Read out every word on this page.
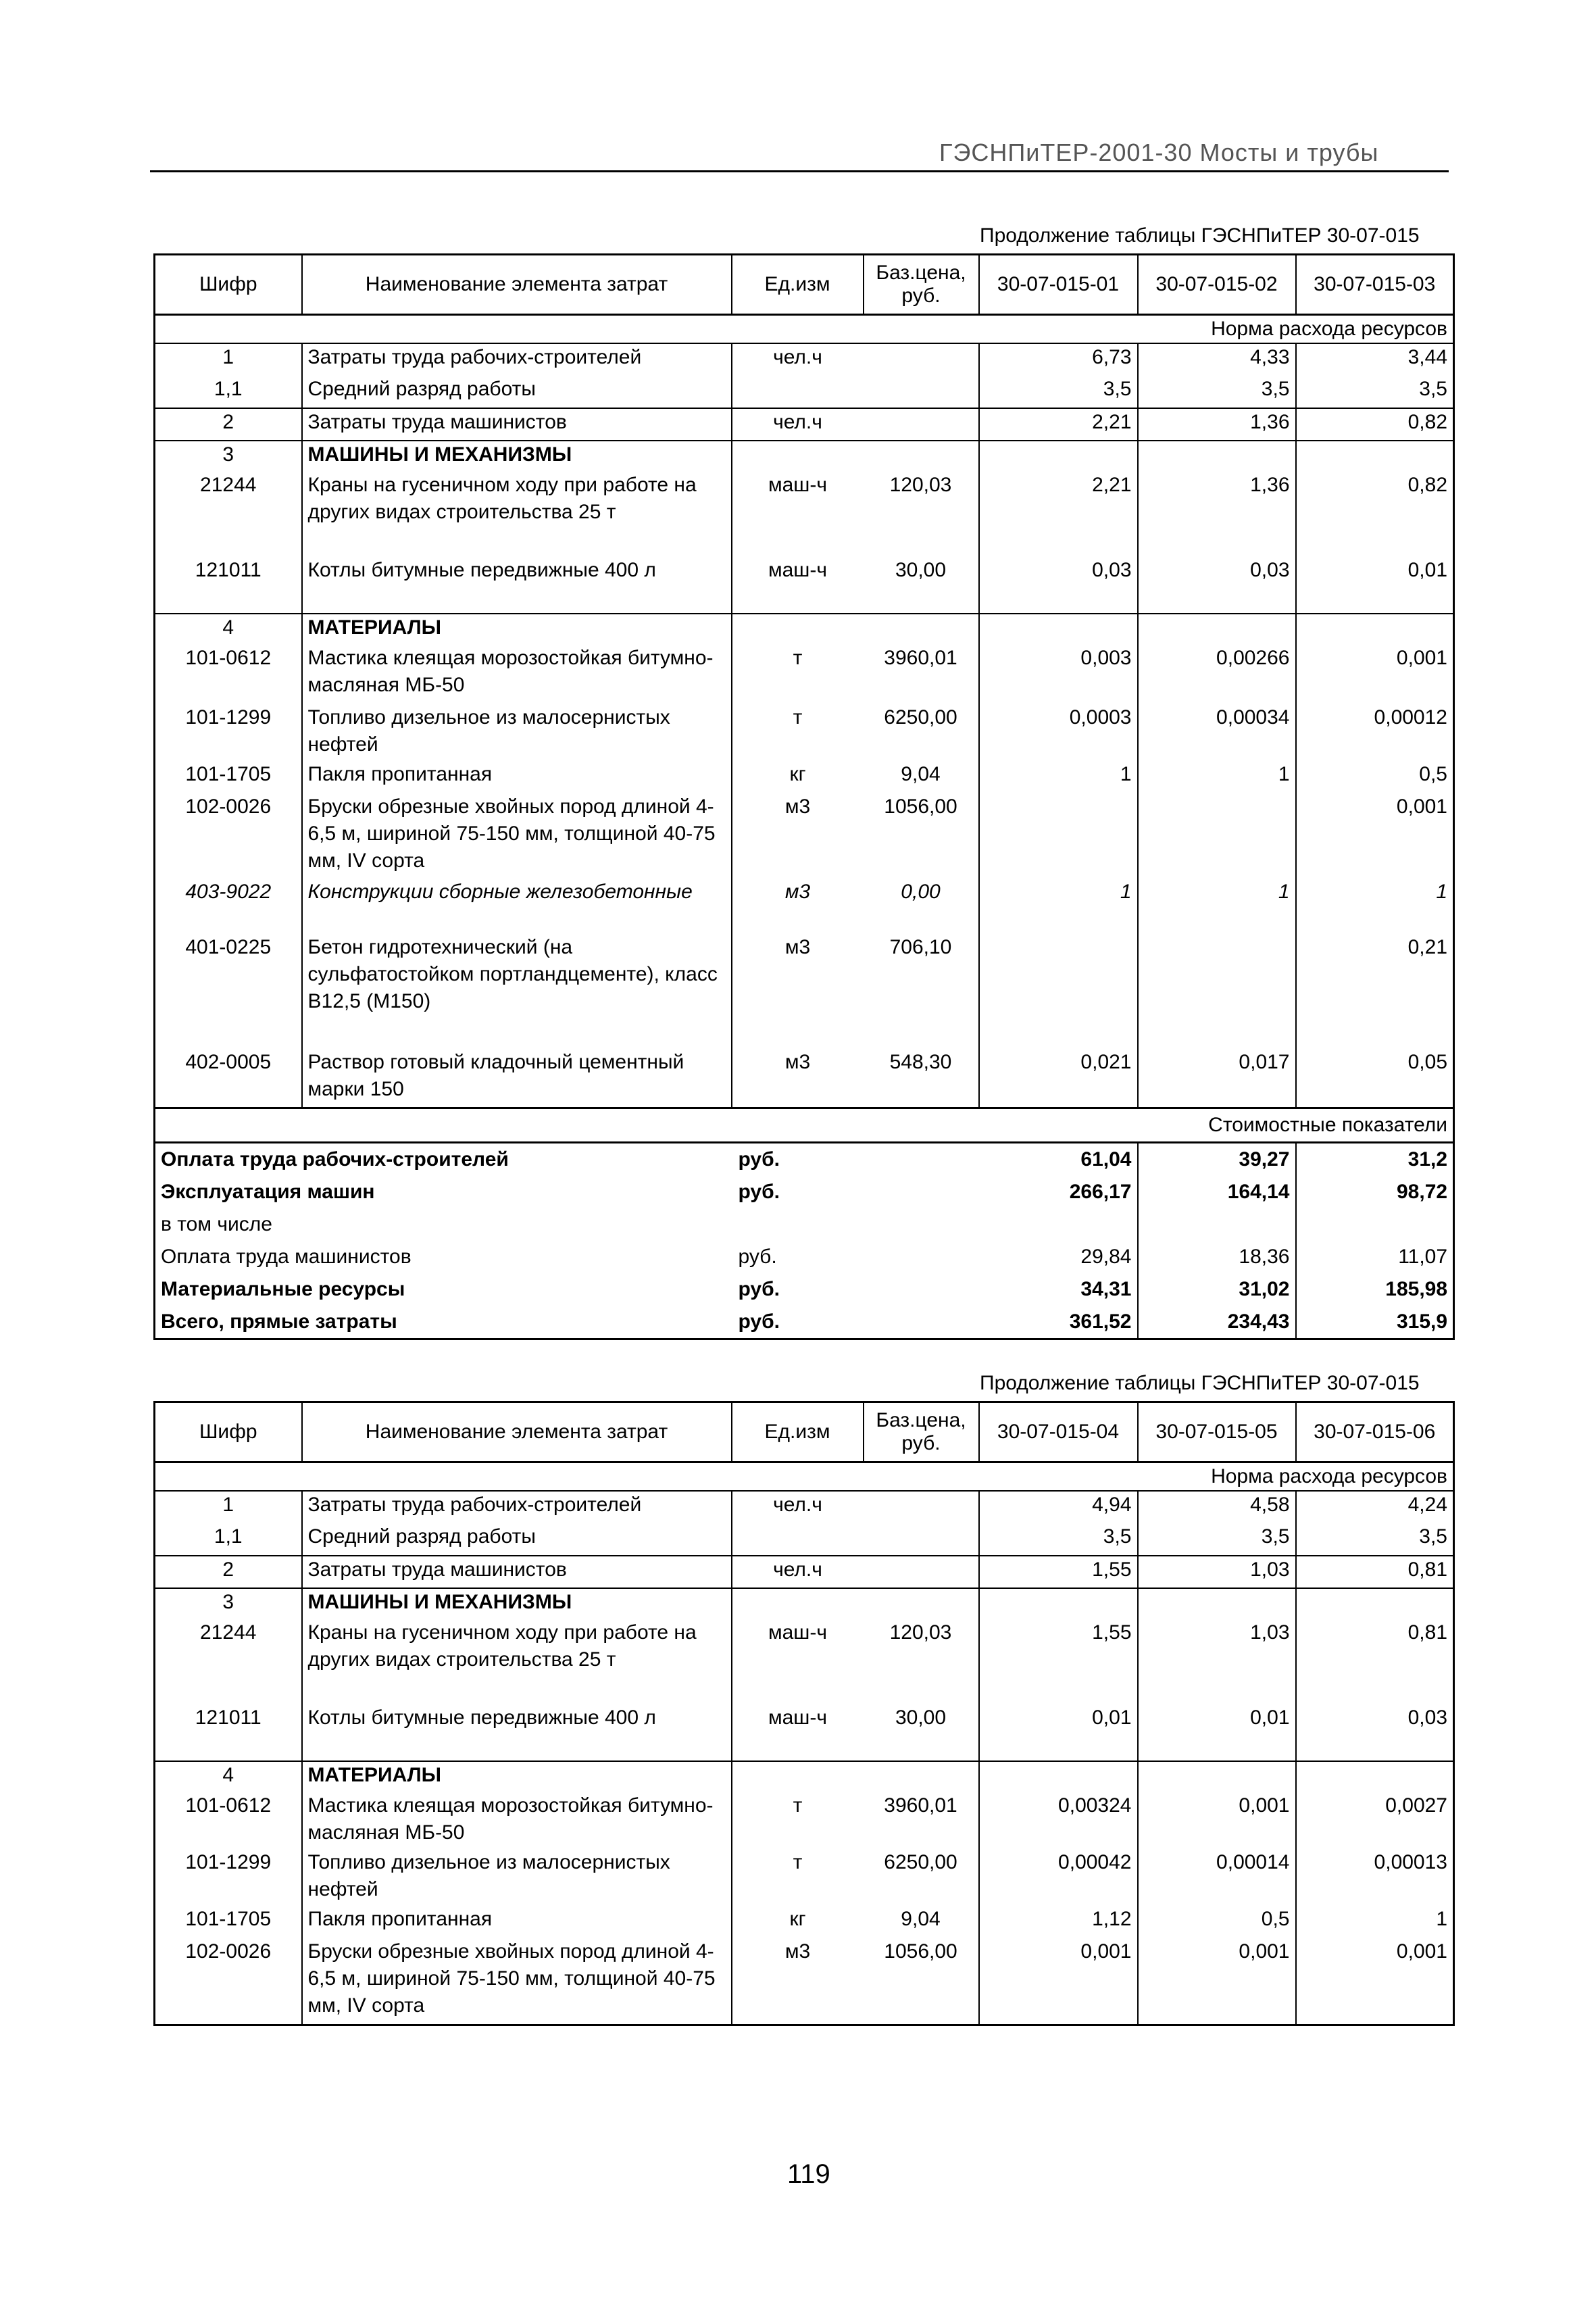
ГЭСНПиТЕР-2001-30 Мосты и трубы
Продолжение таблицы ГЭСНПиТЕР 30-07-015
Шифр	Наименование элемента затрат	Ед.изм	Баз.цена, руб.	30-07-015-01	30-07-015-02	30-07-015-03
Норма расхода ресурсов						
1	Затраты труда рабочих-строителей	чел.ч		6,73	4,33	3,44
1,1	Средний разряд работы			3,5	3,5	3,5
2	Затраты труда машинистов	чел.ч		2,21	1,36	0,82
3	МАШИНЫ И МЕХАНИЗМЫ					
21244	Краны на гусеничном ходу при работе на других видах строительства 25 т	маш-ч	120,03	2,21	1,36	0,82
121011	Котлы битумные передвижные 400 л	маш-ч	30,00	0,03	0,03	0,01
4	МАТЕРИАЛЫ					
101-0612	Мастика клеящая морозостойкая битумно-масляная МБ-50	т	3960,01	0,003	0,00266	0,001
101-1299	Топливо дизельное из малосернистых нефтей	т	6250,00	0,0003	0,00034	0,00012
101-1705	Пакля пропитанная	кг	9,04	1	1	0,5
102-0026	Бруски обрезные хвойных пород длиной 4-6,5 м, шириной 75-150 мм, толщиной 40-75 мм, IV сорта	м3	1056,00			0,001
403-9022	Конструкции сборные железобетонные	м3	0,00	1	1	1
401-0225	Бетон гидротехнический (на сульфатостойком портландцементе), класс В12,5 (М150)	м3	706,10			0,21
402-0005	Раствор готовый кладочный цементный марки 150	м3	548,30	0,021	0,017	0,05
Стоимостные показатели					
Оплата труда рабочих-строителей	руб.		61,04	39,27	31,2
Эксплуатация машин	руб.		266,17	164,14	98,72
в том числе					
Оплата труда машинистов	руб.		29,84	18,36	11,07
Материальные ресурсы	руб.		34,31	31,02	185,98
Всего, прямые затраты	руб.		361,52	234,43	315,9
Продолжение таблицы ГЭСНПиТЕР 30-07-015
Шифр	Наименование элемента затрат	Ед.изм	Баз.цена, руб.	30-07-015-04	30-07-015-05	30-07-015-06
Норма расхода ресурсов						
1	Затраты труда рабочих-строителей	чел.ч		4,94	4,58	4,24
1,1	Средний разряд работы			3,5	3,5	3,5
2	Затраты труда машинистов	чел.ч		1,55	1,03	0,81
3	МАШИНЫ И МЕХАНИЗМЫ					
21244	Краны на гусеничном ходу при работе на других видах строительства 25 т	маш-ч	120,03	1,55	1,03	0,81
121011	Котлы битумные передвижные 400 л	маш-ч	30,00	0,01	0,01	0,03
4	МАТЕРИАЛЫ					
101-0612	Мастика клеящая морозостойкая битумно-масляная МБ-50	т	3960,01	0,00324	0,001	0,0027
101-1299	Топливо дизельное из малосернистых нефтей	т	6250,00	0,00042	0,00014	0,00013
101-1705	Пакля пропитанная	кг	9,04	1,12	0,5	1
102-0026	Бруски обрезные хвойных пород длиной 4-6,5 м, шириной 75-150 мм, толщиной 40-75 мм, IV сорта	м3	1056,00	0,001	0,001	0,001
119
